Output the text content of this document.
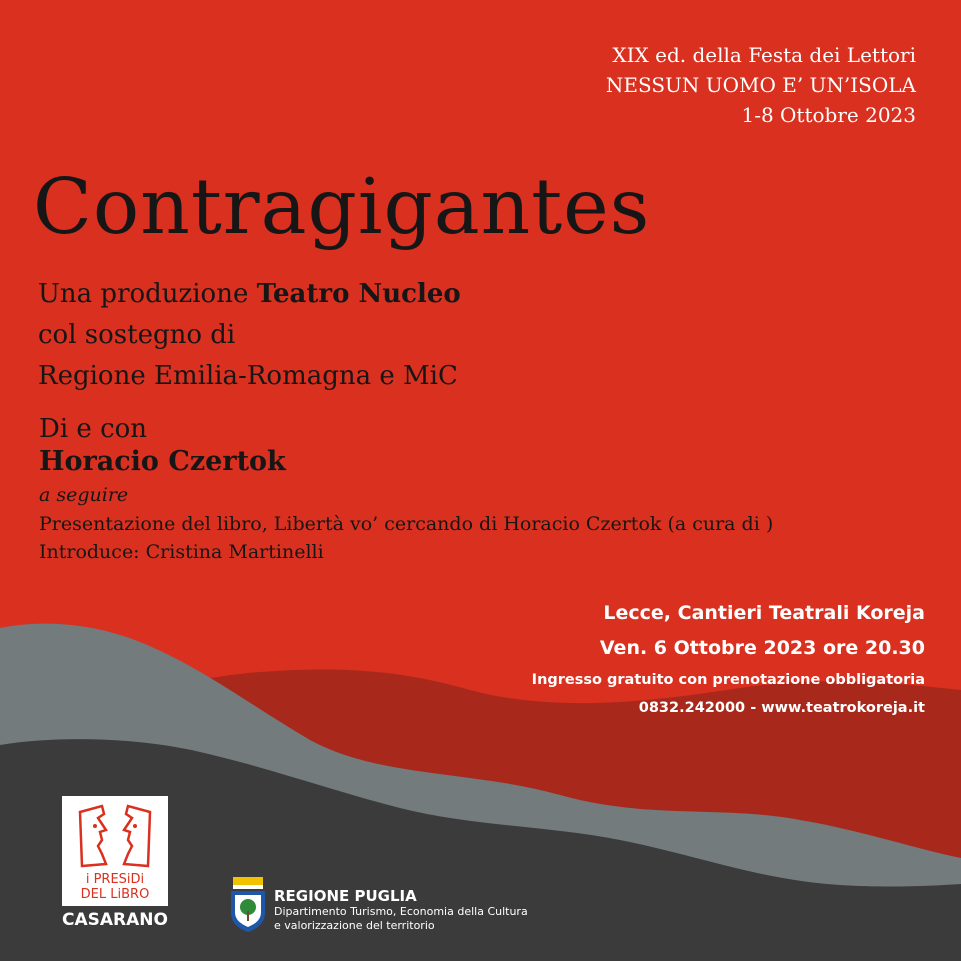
XIX ed. della Festa dei Lettori
NESSUN UOMO E’ UN’ISOLA
1-8 Ottobre 2023
Contragigantes
Una produzione Teatro Nucleo
col sostegno di
Regione Emilia-Romagna e MiC
Di e con
Horacio Czertok
a seguire
Presentazione del libro, Libertà vo’ cercando di Horacio Czertok (a cura di )
Introduce: Cristina Martinelli
Lecce, Cantieri Teatrali Koreja
Ven. 6 Ottobre 2023 ore 20.30
Ingresso gratuito con prenotazione obbligatoria
0832.242000 - www.teatrokoreja.it
i PRESiDi
DEL LiBRO
CASARANO
REGIONE PUGLIA
Dipartimento Turismo, Economia della Cultura
e valorizzazione del territorio
